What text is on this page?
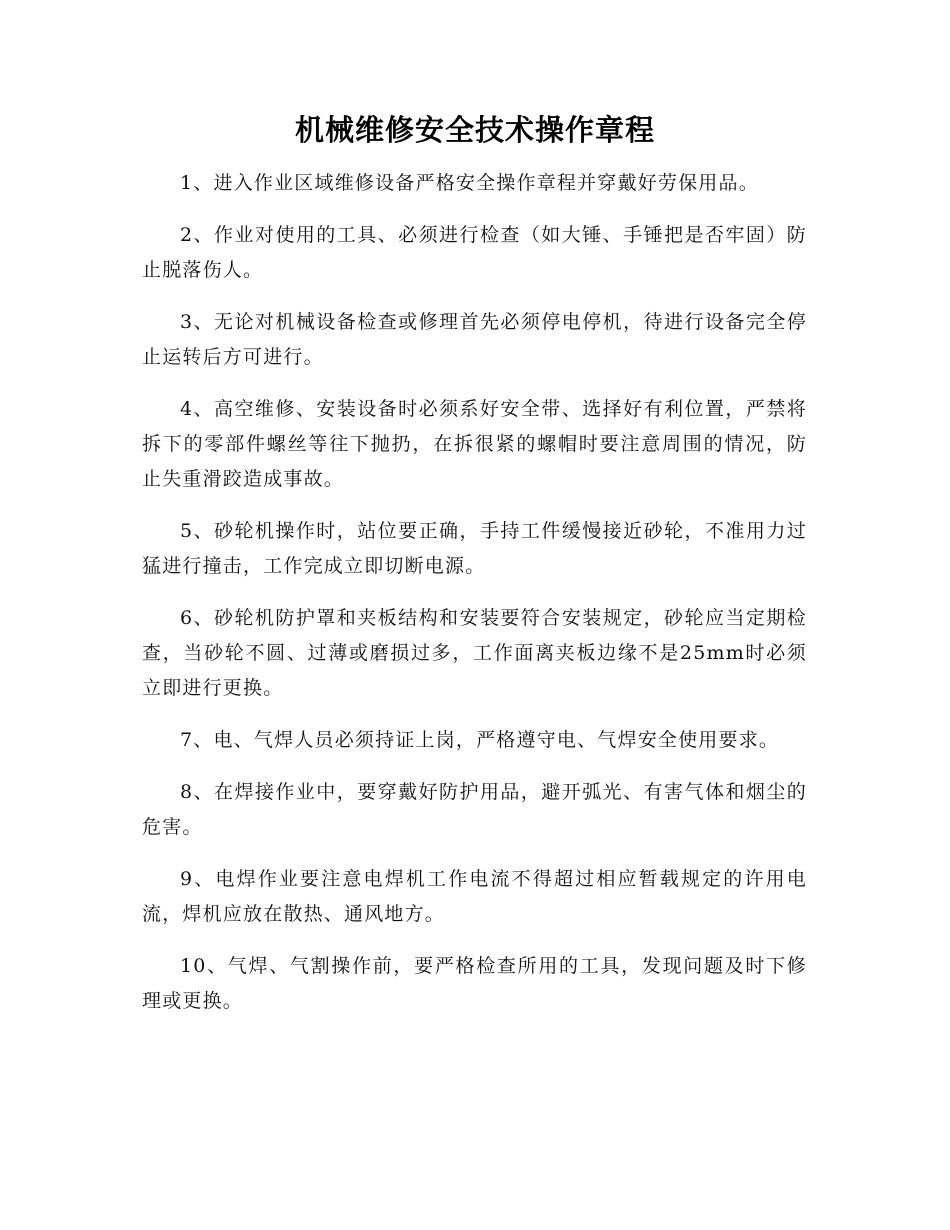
机械维修安全技术操作章程

1、进入作业区域维修设备严格安全操作章程并穿戴好劳保用品。

2、作业对使用的工具、必须进行检查（如大锤、手锤把是否牢固）防止脱落伤人。

3、无论对机械设备检查或修理首先必须停电停机，待进行设备完全停止运转后方可进行。

4、高空维修、安装设备时必须系好安全带、选择好有利位置，严禁将拆下的零部件螺丝等往下抛扔，在拆很紧的螺帽时要注意周围的情况，防止失重滑跤造成事故。

5、砂轮机操作时，站位要正确，手持工件缓慢接近砂轮，不准用力过猛进行撞击，工作完成立即切断电源。

6、砂轮机防护罩和夹板结构和安装要符合安装规定，砂轮应当定期检查，当砂轮不圆、过薄或磨损过多，工作面离夹板边缘不是25mm时必须立即进行更换。

7、电、气焊人员必须持证上岗，严格遵守电、气焊安全使用要求。

8、在焊接作业中，要穿戴好防护用品，避开弧光、有害气体和烟尘的危害。

9、电焊作业要注意电焊机工作电流不得超过相应暂载规定的许用电流，焊机应放在散热、通风地方。

10、气焊、气割操作前，要严格检查所用的工具，发现问题及时下修理或更换。
